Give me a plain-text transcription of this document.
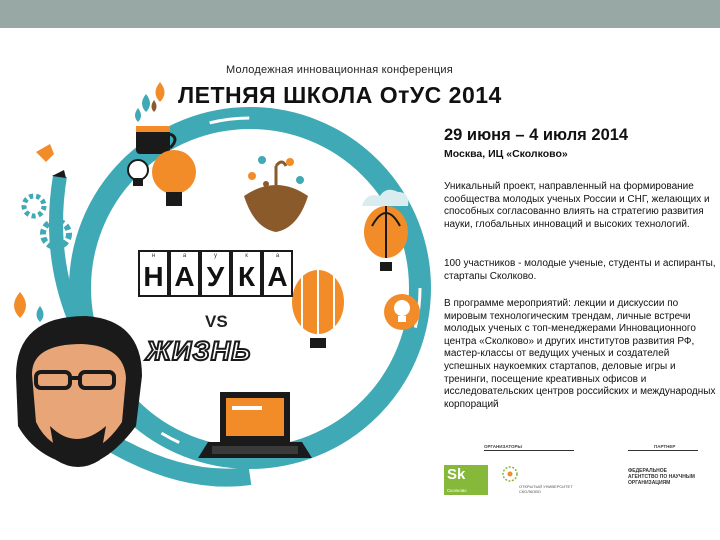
Молодежная инновационная конференция
ЛЕТНЯЯ ШКОЛА ОтУС 2014
н
Н
а
А
у
У
к
К
а
А
VS
ЖИЗНЬ
29 июня – 4 июля 2014
Москва, ИЦ «Сколково»

Уникальный проект, направленный на формирование сообщества молодых ученых России и СНГ, желающих и способных согласованно влиять на стратегию развития науки, глобальных инноваций и высоких технологий.

100 участников - молодые ученые, студенты и аспиранты, стартапы Сколково.

В программе мероприятий: лекции и дискуссии по мировым технологическим трендам, личные встречи молодых ученых с топ-менеджерами Инновационного центра «Сколково» и других институтов развития РФ, мастер-классы от ведущих ученых и создателей успешных наукоемких стартапов, деловые игры и тренинги, посещение креативных офисов и исследовательских центров российских и международных корпораций

ОРГАНИЗАТОРЫ	ПАРТНЕР
Sk
Сколково
ОТКРЫТЫЙ УНИВЕРСИТЕТ СКОЛКОВО
ФЕДЕРАЛЬНОЕ АГЕНТСТВО ПО НАУЧНЫМ ОРГАНИЗАЦИЯМ
